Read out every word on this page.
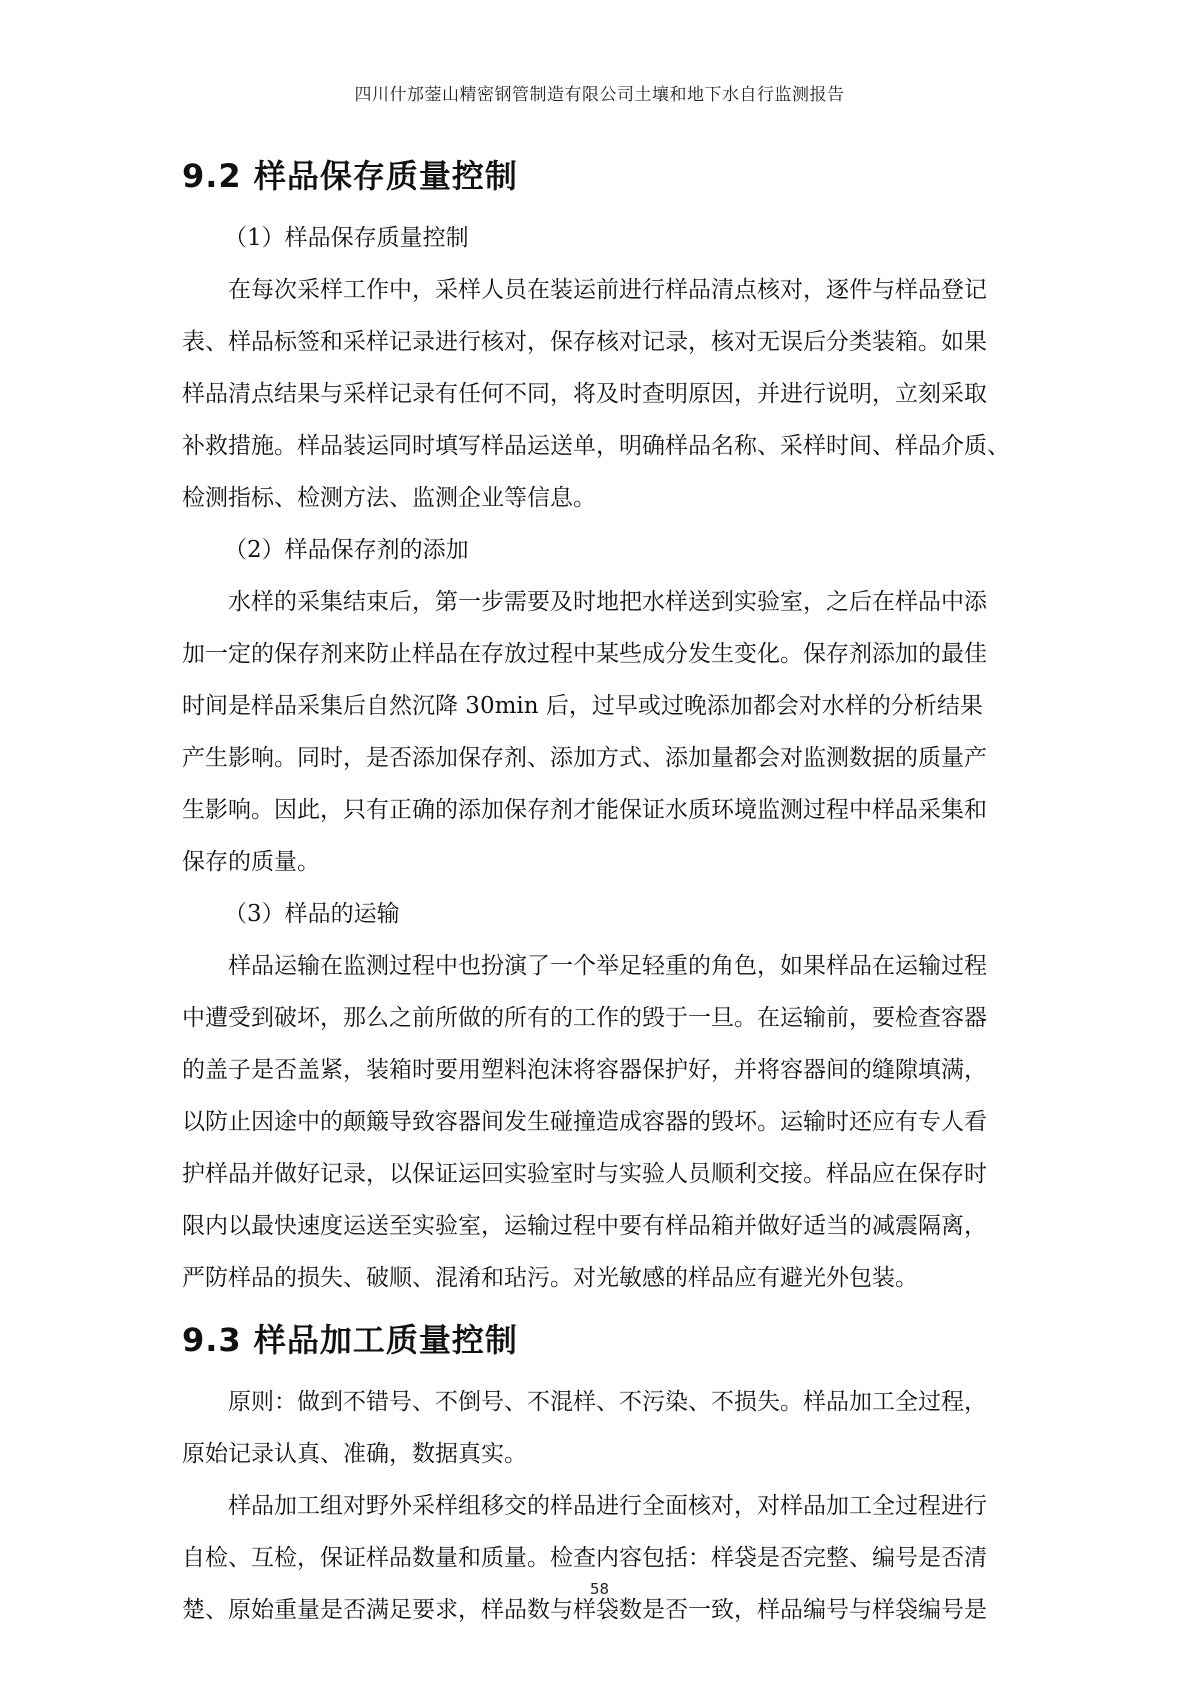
四川什邡蓥山精密钢管制造有限公司土壤和地下水自行监测报告
9.2 样品保存质量控制

（1）样品保存质量控制

在每次采样工作中，采样人员在装运前进行样品清点核对，逐件与样品登记
表、样品标签和采样记录进行核对，保存核对记录，核对无误后分类装箱。如果
样品清点结果与采样记录有任何不同，将及时查明原因，并进行说明，立刻采取
补救措施。样品装运同时填写样品运送单，明确样品名称、采样时间、样品介质、
检测指标、检测方法、监测企业等信息。

（2）样品保存剂的添加

水样的采集结束后，第一步需要及时地把水样送到实验室，之后在样品中添
加一定的保存剂来防止样品在存放过程中某些成分发生变化。保存剂添加的最佳
时间是样品采集后自然沉降 30min 后，过早或过晚添加都会对水样的分析结果
产生影响。同时，是否添加保存剂、添加方式、添加量都会对监测数据的质量产
生影响。因此，只有正确的添加保存剂才能保证水质环境监测过程中样品采集和
保存的质量。

（3）样品的运输

样品运输在监测过程中也扮演了一个举足轻重的角色，如果样品在运输过程
中遭受到破坏，那么之前所做的所有的工作的毁于一旦。在运输前，要检查容器
的盖子是否盖紧，装箱时要用塑料泡沫将容器保护好，并将容器间的缝隙填满，
以防止因途中的颠簸导致容器间发生碰撞造成容器的毁坏。运输时还应有专人看
护样品并做好记录，以保证运回实验室时与实验人员顺利交接。样品应在保存时
限内以最快速度运送至实验室，运输过程中要有样品箱并做好适当的减震隔离，
严防样品的损失、破顺、混淆和玷污。对光敏感的样品应有避光外包装。

9.3 样品加工质量控制

原则：做到不错号、不倒号、不混样、不污染、不损失。样品加工全过程，
原始记录认真、准确，数据真实。

样品加工组对野外采样组移交的样品进行全面核对，对样品加工全过程进行
自检、互检，保证样品数量和质量。检查内容包括：样袋是否完整、编号是否清
楚、原始重量是否满足要求，样品数与样袋数是否一致，样品编号与样袋编号是

58
